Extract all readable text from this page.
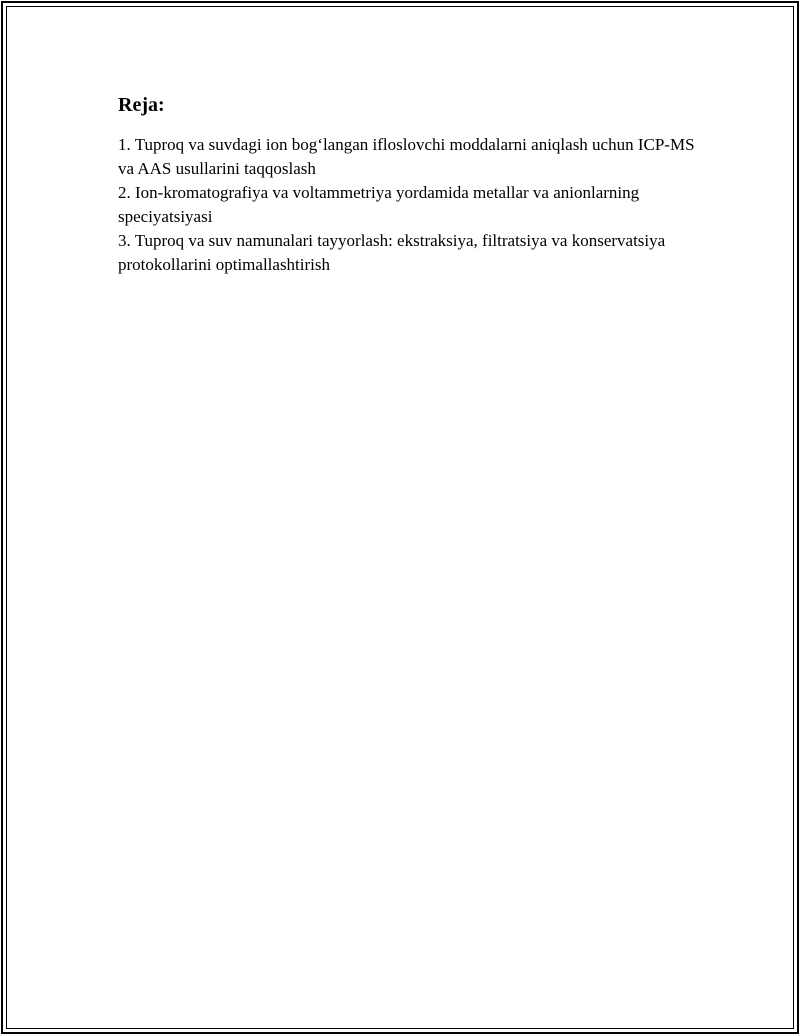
Reja:
1. Tuproq va suvdagi ion bog‘langan ifloslovchi moddalarni aniqlash uchun ICP-MS va AAS usullarini taqqoslash
2. Ion-kromatografiya va voltammetriya yordamida metallar va anionlarning speciyatsiyasi
3. Tuproq va suv namunalari tayyorlash: ekstraksiya, filtratsiya va konservatsiya protokollarini optimallashtirish
